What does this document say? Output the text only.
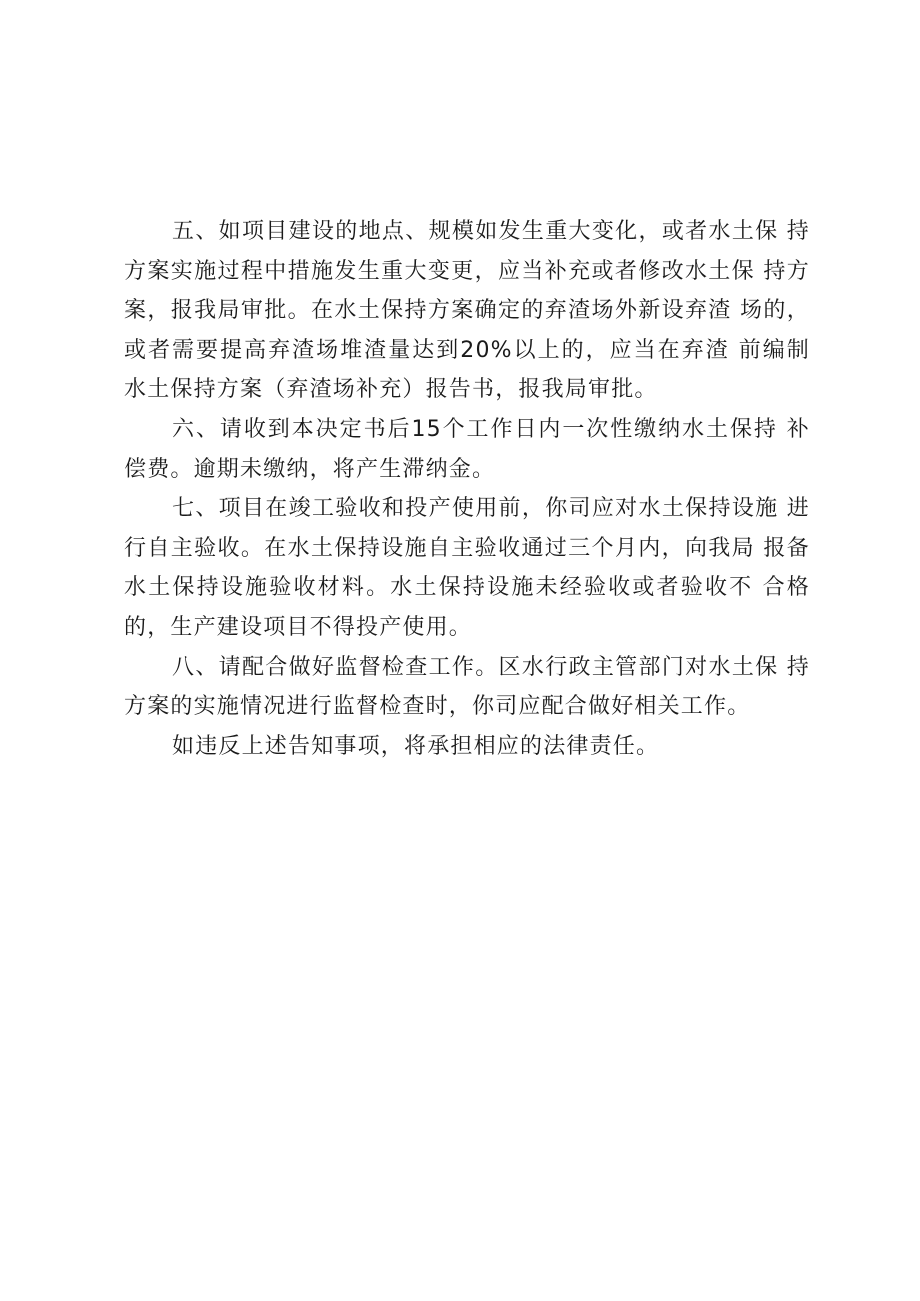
五、如项目建设的地点、规模如发生重大变化，或者水土保 持方案实施过程中措施发生重大变更，应当补充或者修改水土保 持方案，报我局审批。在水土保持方案确定的弃渣场外新设弃渣 场的，或者需要提高弃渣场堆渣量达到20%以上的，应当在弃渣 前编制水土保持方案（弃渣场补充）报告书，报我局审批。

六、请收到本决定书后15个工作日内一次性缴纳水土保持 补偿费。逾期未缴纳，将产生滞纳金。

七、项目在竣工验收和投产使用前，你司应对水土保持设施 进行自主验收。在水土保持设施自主验收通过三个月内，向我局 报备水土保持设施验收材料。水土保持设施未经验收或者验收不 合格的，生产建设项目不得投产使用。

八、请配合做好监督检查工作。区水行政主管部门对水土保 持方案的实施情况进行监督检查时，你司应配合做好相关工作。

如违反上述告知事项，将承担相应的法律责任。
